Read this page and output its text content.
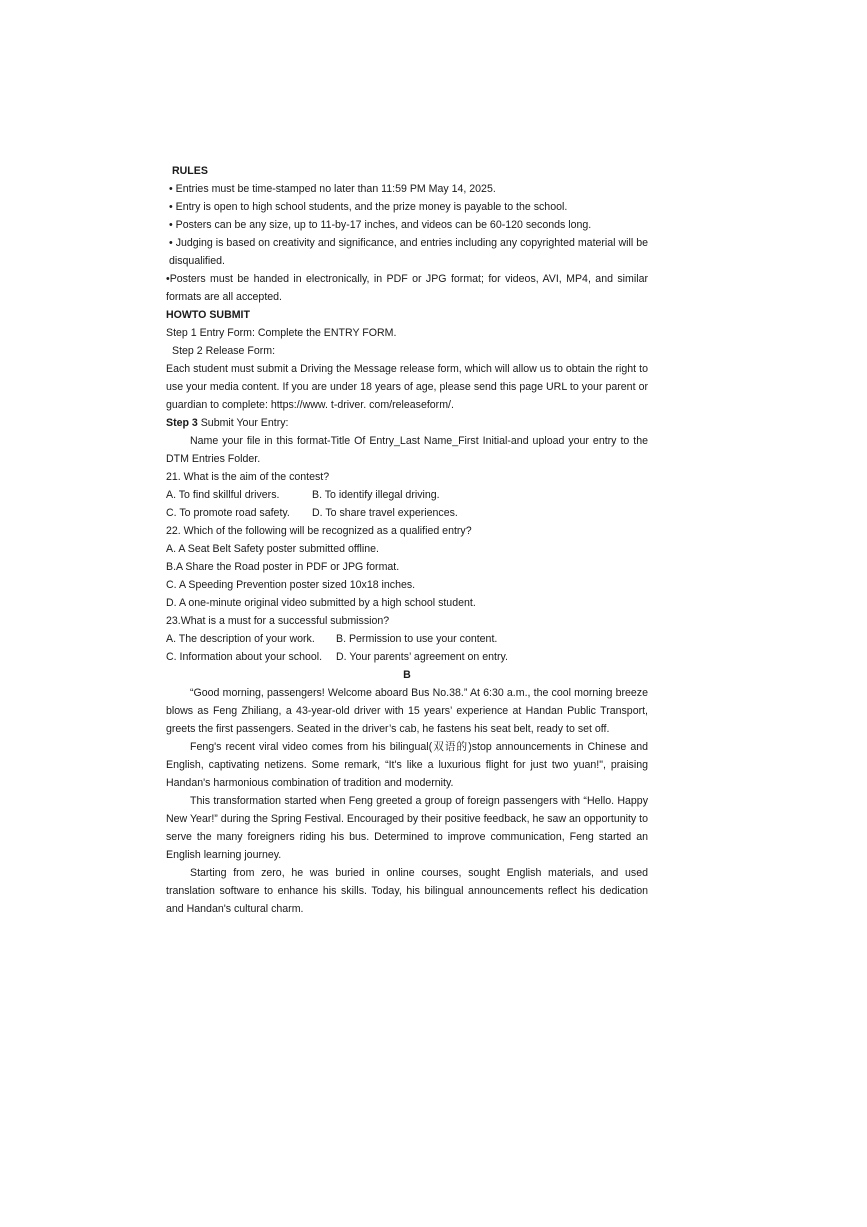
RULES
• Entries must be time-stamped no later than 11:59 PM May 14, 2025.
• Entry is open to high school students, and the prize money is payable to the school.
• Posters can be any size, up to 11-by-17 inches, and videos can be 60-120 seconds long.
• Judging is based on creativity and significance, and entries including any copyrighted material will be disqualified.
•Posters must be handed in electronically, in PDF or JPG format; for videos, AVI, MP4, and similar formats are all accepted.
HOWTO SUBMIT
Step 1 Entry Form: Complete the ENTRY FORM.
Step 2 Release Form:
Each student must submit a Driving the Message release form, which will allow us to obtain the right to use your media content. If you are under 18 years of age, please send this page URL to your parent or guardian to complete: https://www. t-driver. com/releaseform/.
Step 3 Submit Your Entry:
Name your file in this format-Title Of Entry_Last Name_First Initial-and upload your entry to the DTM Entries Folder.
21. What is the aim of the contest?
A. To find skillful drivers.	B. To identify illegal driving.
C. To promote road safety. D. To share travel experiences.
22. Which of the following will be recognized as a qualified entry?
A. A Seat Belt Safety poster submitted offline.
B.A Share the Road poster in PDF or JPG format.
C. A Speeding Prevention poster sized 10x18 inches.
D. A one-minute original video submitted by a high school student.
23.What is a must for a successful submission?
A. The description of your work. B. Permission to use your content.
C. Information about your school. D. Your parents’ agreement on entry.
B
“Good morning, passengers! Welcome aboard Bus No.38.” At 6:30 a.m., the cool morning breeze blows as Feng Zhiliang, a 43-year-old driver with 15 years’ experience at Handan Public Transport, greets the first passengers. Seated in the driver’s cab, he fastens his seat belt, ready to set off.
Feng's recent viral video comes from his bilingual(双语的)stop announcements in Chinese and English, captivating netizens. Some remark, “It's like a luxurious flight for just two yuan!", praising Handan's harmonious combination of tradition and modernity.
This transformation started when Feng greeted a group of foreign passengers with “Hello. Happy New Year!” during the Spring Festival. Encouraged by their positive feedback, he saw an opportunity to serve the many foreigners riding his bus. Determined to improve communication, Feng started an English learning journey.
Starting from zero, he was buried in online courses, sought English materials, and used translation software to enhance his skills. Today, his bilingual announcements reflect his dedication and Handan's cultural charm.
